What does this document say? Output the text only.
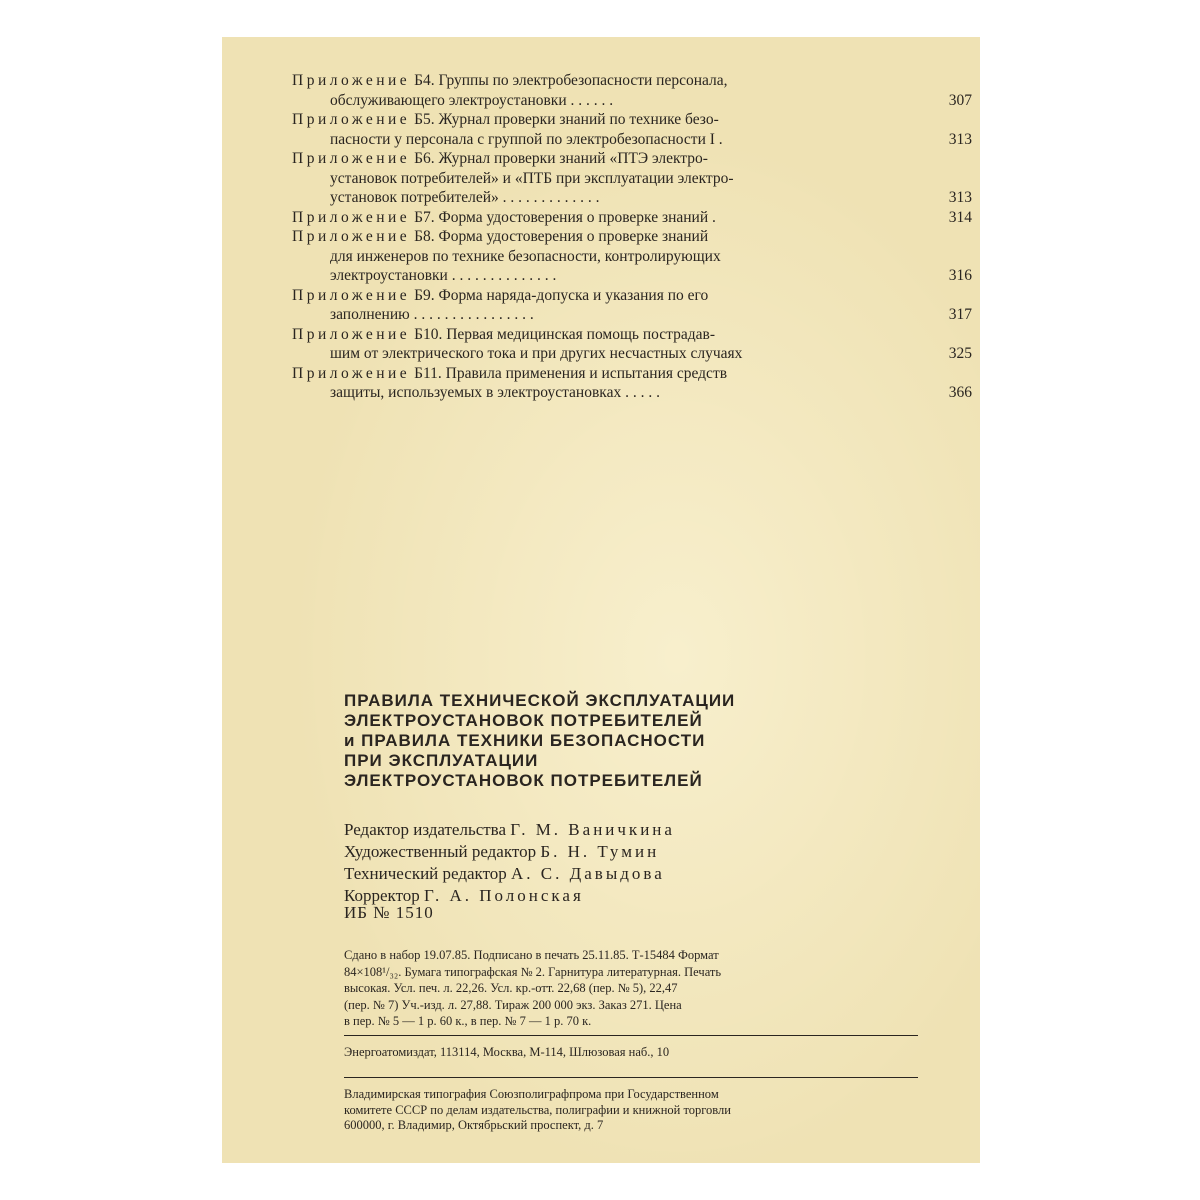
Приложение Б4. Группы по электробезопасности персонала,
обслуживающего электроустановки . . . . . .	307
Приложение Б5. Журнал проверки знаний по технике безо-
пасности у персонала с группой по электробезопасности I .	313
Приложение Б6. Журнал проверки знаний «ПТЭ электро-
установок потребителей» и «ПТБ при эксплуатации электро-
установок потребителей» . . . . . . . . . . . . .	313
Приложение Б7. Форма удостоверения о проверке знаний .	314
Приложение Б8. Форма удостоверения о проверке знаний
для инженеров по технике безопасности, контролирующих
электроустановки . . . . . . . . . . . . . .	316
Приложение Б9. Форма наряда-допуска и указания по его
заполнению . . . . . . . . . . . . . . . .	317
Приложение Б10. Первая медицинская помощь пострадав-
шим от электрического тока и при других несчастных случаях	325
Приложение Б11. Правила применения и испытания средств
защиты, используемых в электроустановках . . . . .	366
ПРАВИЛА ТЕХНИЧЕСКОЙ ЭКСПЛУАТАЦИИ
ЭЛЕКТРОУСТАНОВОК ПОТРЕБИТЕЛЕЙ
и ПРАВИЛА ТЕХНИКИ БЕЗОПАСНОСТИ
ПРИ ЭКСПЛУАТАЦИИ
ЭЛЕКТРОУСТАНОВОК ПОТРЕБИТЕЛЕЙ
Редактор издательства Г. М. Ваничкина
Художественный редактор Б. Н. Тумин
Технический редактор А. С. Давыдова
Корректор Г. А. Полонская
ИБ № 1510
Сдано в набор 19.07.85. Подписано в печать 25.11.85. Т-15484 Формат
84×108¹/₃₂. Бумага типографская № 2. Гарнитура литературная. Печать
высокая. Усл. печ. л. 22,26. Усл. кр.-отт. 22,68 (пер. № 5), 22,47
(пер. № 7) Уч.-изд. л. 27,88. Тираж 200 000 экз. Заказ 271. Цена
в пер. № 5 — 1 р. 60 к., в пер. № 7 — 1 р. 70 к.
Энергоатомиздат, 113114, Москва, М-114, Шлюзовая наб., 10
Владимирская типография Союзполиграфпрома при Государственном
комитете СССР по делам издательства, полиграфии и книжной торговли
600000, г. Владимир, Октябрьский проспект, д. 7
